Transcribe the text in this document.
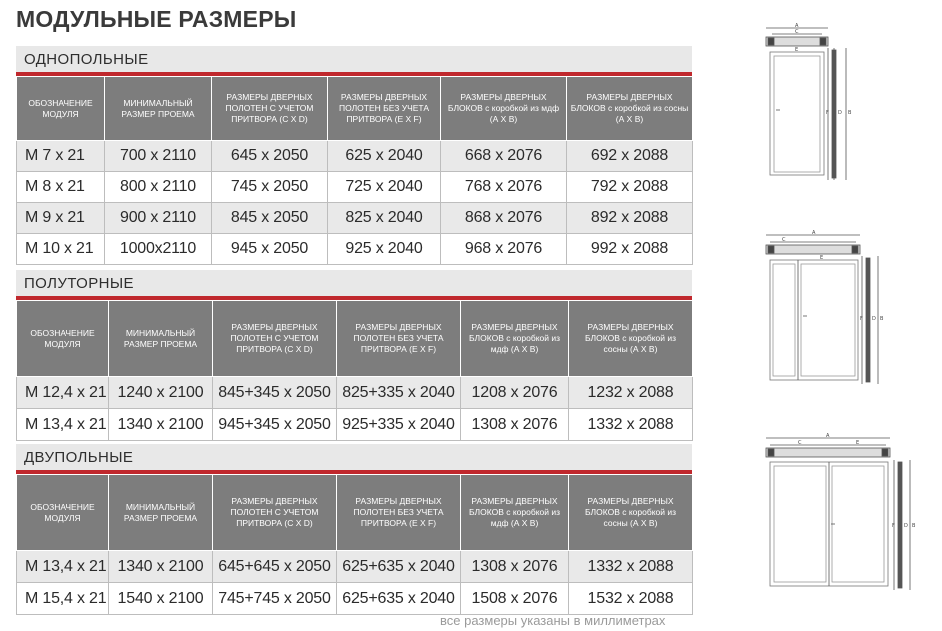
МОДУЛЬНЫЕ РАЗМЕРЫ
ОДНОПОЛЬНЫЕ
ОБОЗНАЧЕНИЕ МОДУЛЯ	МИНИМАЛЬНЫЙ РАЗМЕР ПРОЕМА	РАЗМЕРЫ ДВЕРНЫХ ПОЛОТЕН С УЧЕТОМ ПРИТВОРА (С Х D)	РАЗМЕРЫ ДВЕРНЫХ ПОЛОТЕН БЕЗ УЧЕТА ПРИТВОРА (Е Х F)	РАЗМЕРЫ ДВЕРНЫХ БЛОКОВ с коробкой из мдф (А Х В)	РАЗМЕРЫ ДВЕРНЫХ БЛОКОВ с коробкой из сосны (А Х В)
М 7 х 21	700 х 2110	645 х 2050	625 х 2040	668 х 2076	692 х 2088
М 8 х 21	800 х 2110	745 х 2050	725 х 2040	768 х 2076	792 х 2088
М 9 х 21	900 х 2110	845 х 2050	825 х 2040	868 х 2076	892 х 2088
М 10 х 21	1000х2110	945 х 2050	925 х 2040	968 х 2076	992 х 2088
ПОЛУТОРНЫЕ
ОБОЗНАЧЕНИЕ МОДУЛЯ	МИНИМАЛЬНЫЙ РАЗМЕР ПРОЕМА	РАЗМЕРЫ ДВЕРНЫХ ПОЛОТЕН С УЧЕТОМ ПРИТВОРА (С Х D)	РАЗМЕРЫ ДВЕРНЫХ ПОЛОТЕН БЕЗ УЧЕТА ПРИТВОРА (Е Х F)	РАЗМЕРЫ ДВЕРНЫХ БЛОКОВ с коробкой из мдф (А Х В)	РАЗМЕРЫ ДВЕРНЫХ БЛОКОВ с коробкой из сосны (А Х В)
М 12,4 х 21	1240 х 2100	845+345 х 2050	825+335 х 2040	1208 х 2076	1232 х 2088
М 13,4 х 21	1340 х 2100	945+345 х 2050	925+335 х 2040	1308 х 2076	1332 х 2088
ДВУПОЛЬНЫЕ
ОБОЗНАЧЕНИЕ МОДУЛЯ	МИНИМАЛЬНЫЙ РАЗМЕР ПРОЕМА	РАЗМЕРЫ ДВЕРНЫХ ПОЛОТЕН С УЧЕТОМ ПРИТВОРА (С Х D)	РАЗМЕРЫ ДВЕРНЫХ ПОЛОТЕН БЕЗ УЧЕТА ПРИТВОРА (Е Х F)	РАЗМЕРЫ ДВЕРНЫХ БЛОКОВ с коробкой из мдф (А Х В)	РАЗМЕРЫ ДВЕРНЫХ БЛОКОВ с коробкой из сосны (А Х В)
М 13,4 х 21	1340 х 2100	645+645 х 2050	625+635 х 2040	1308 х 2076	1332 х 2088
М 15,4 х 21	1540 х 2100	745+745 х 2050	625+635 х 2040	1508 х 2076	1532 х 2088
все размеры указаны в миллиметрах
A
C
E
F D B
A
C
E
F D B
A
C	E
F D B
